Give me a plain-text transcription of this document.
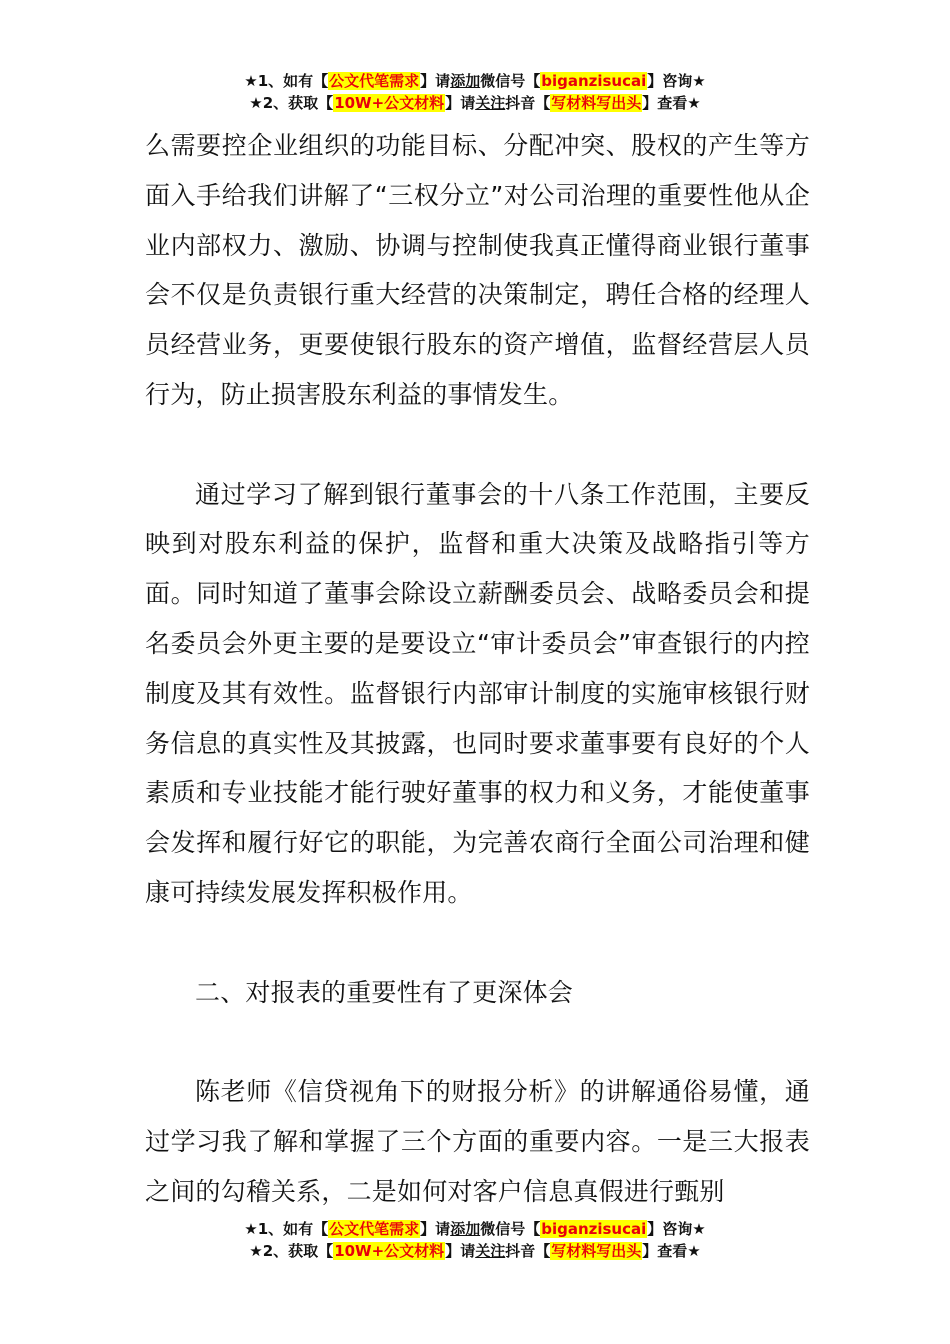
★1、如有【公文代笔需求】请添加微信号【biganzisucai】咨询★
★2、获取【10W+公文材料】请关注抖音【写材料写出头】查看★

么需要控企业组织的功能目标、分配冲突、股权的产生等方面入手给我们讲解了“三权分立”对公司治理的重要性他从企业内部权力、激励、协调与控制使我真正懂得商业银行董事会不仅是负责银行重大经营的决策制定，聘任合格的经理人员经营业务，更要使银行股东的资产增值，监督经营层人员行为，防止损害股东利益的事情发生。

通过学习了解到银行董事会的十八条工作范围，主要反映到对股东利益的保护，监督和重大决策及战略指引等方面。同时知道了董事会除设立薪酬委员会、战略委员会和提名委员会外更主要的是要设立“审计委员会”审查银行的内控制度及其有效性。监督银行内部审计制度的实施审核银行财务信息的真实性及其披露，也同时要求董事要有良好的个人素质和专业技能才能行驶好董事的权力和义务，才能使董事会发挥和履行好它的职能，为完善农商行全面公司治理和健康可持续发展发挥积极作用。

二、对报表的重要性有了更深体会

陈老师《信贷视角下的财报分析》的讲解通俗易懂，通过学习我了解和掌握了三个方面的重要内容。一是三大报表之间的勾稽关系，二是如何对客户信息真假进行甄别

★1、如有【公文代笔需求】请添加微信号【biganzisucai】咨询★
★2、获取【10W+公文材料】请关注抖音【写材料写出头】查看★
